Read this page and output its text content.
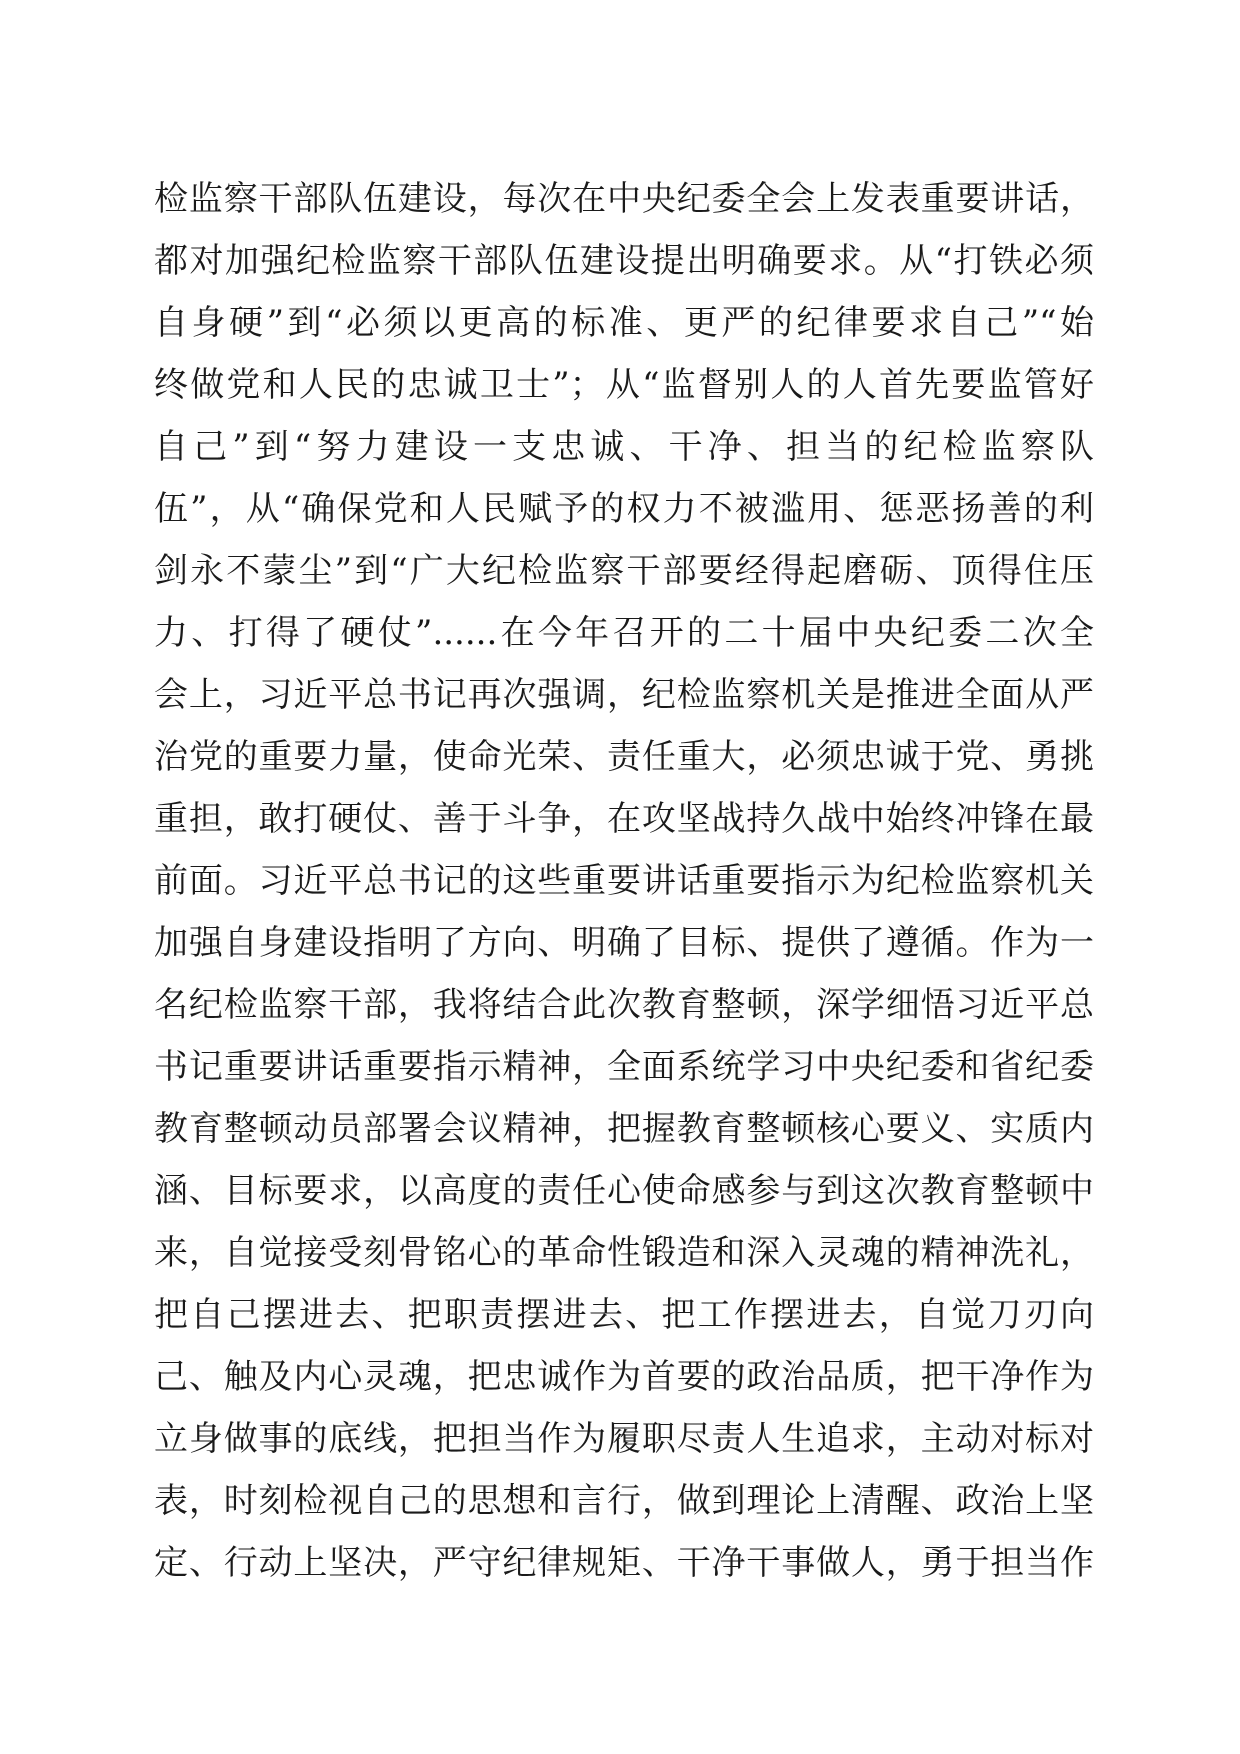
检监察干部队伍建设，每次在中央纪委全会上发表重要讲话，
都对加强纪检监察干部队伍建设提出明确要求。从“打铁必须
自身硬”到“必须以更高的标准、更严的纪律要求自己”“始
终做党和人民的忠诚卫士”；从“监督别人的人首先要监管好
自己”到“努力建设一支忠诚、干净、担当的纪检监察队
伍”，从“确保党和人民赋予的权力不被滥用、惩恶扬善的利
剑永不蒙尘”到“广大纪检监察干部要经得起磨砺、顶得住压
力、打得了硬仗”......在今年召开的二十届中央纪委二次全
会上，习近平总书记再次强调，纪检监察机关是推进全面从严
治党的重要力量，使命光荣、责任重大，必须忠诚于党、勇挑
重担，敢打硬仗、善于斗争，在攻坚战持久战中始终冲锋在最
前面。习近平总书记的这些重要讲话重要指示为纪检监察机关
加强自身建设指明了方向、明确了目标、提供了遵循。作为一
名纪检监察干部，我将结合此次教育整顿，深学细悟习近平总
书记重要讲话重要指示精神，全面系统学习中央纪委和省纪委
教育整顿动员部署会议精神，把握教育整顿核心要义、实质内
涵、目标要求，以高度的责任心使命感参与到这次教育整顿中
来，自觉接受刻骨铭心的革命性锻造和深入灵魂的精神洗礼，
把自己摆进去、把职责摆进去、把工作摆进去，自觉刀刃向
己、触及内心灵魂，把忠诚作为首要的政治品质，把干净作为
立身做事的底线，把担当作为履职尽责人生追求，主动对标对
表，时刻检视自己的思想和言行，做到理论上清醒、政治上坚
定、行动上坚决，严守纪律规矩、干净干事做人，勇于担当作
